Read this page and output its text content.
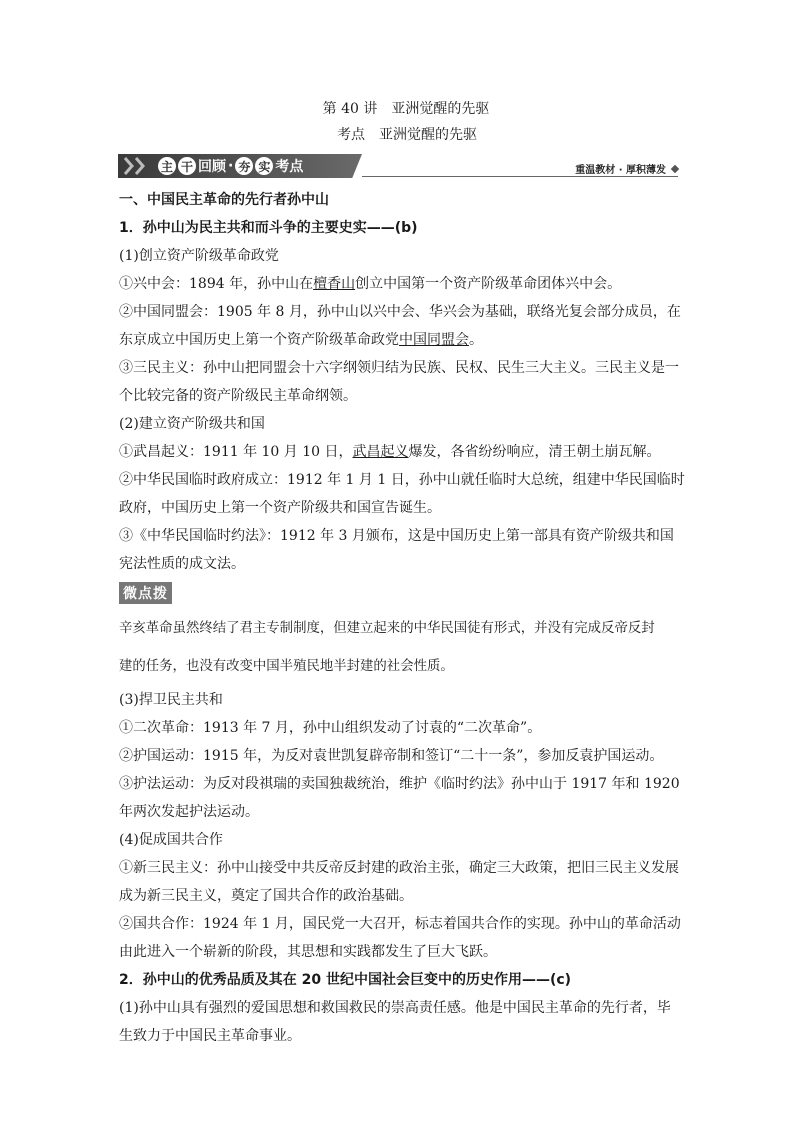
第 40 讲　亚洲觉醒的先驱

考点　亚洲觉醒的先驱

主 干 回顾 · 夯 实 考点	重温教材 · 厚积薄发

一、中国民主革命的先行者孙中山

1．孙中山为民主共和而斗争的主要史实——(b)

(1)创立资产阶级革命政党

①兴中会：1894 年，孙中山在檀香山创立中国第一个资产阶级革命团体兴中会。

②中国同盟会：1905 年 8 月，孙中山以兴中会、华兴会为基础，联络光复会部分成员，在

东京成立中国历史上第一个资产阶级革命政党中国同盟会。

③三民主义：孙中山把同盟会十六字纲领归结为民族、民权、民生三大主义。三民主义是一

个比较完备的资产阶级民主革命纲领。

(2)建立资产阶级共和国

①武昌起义：1911 年 10 月 10 日，武昌起义爆发，各省纷纷响应，清王朝土崩瓦解。

②中华民国临时政府成立：1912 年 1 月 1 日，孙中山就任临时大总统，组建中华民国临时

政府，中国历史上第一个资产阶级共和国宣告诞生。

③《中华民国临时约法》：1912 年 3 月颁布，这是中国历史上第一部具有资产阶级共和国

宪法性质的成文法。

微点拨

辛亥革命虽然终结了君主专制制度，但建立起来的中华民国徒有形式，并没有完成反帝反封

建的任务，也没有改变中国半殖民地半封建的社会性质。

(3)捍卫民主共和

①二次革命：1913 年 7 月，孙中山组织发动了讨袁的“二次革命”。

②护国运动：1915 年，为反对袁世凯复辟帝制和签订“二十一条”，参加反袁护国运动。

③护法运动：为反对段祺瑞的卖国独裁统治，维护《临时约法》孙中山于 1917 年和 1920

年两次发起护法运动。

(4)促成国共合作

①新三民主义：孙中山接受中共反帝反封建的政治主张，确定三大政策，把旧三民主义发展

成为新三民主义，奠定了国共合作的政治基础。

②国共合作：1924 年 1 月，国民党一大召开，标志着国共合作的实现。孙中山的革命活动

由此进入一个崭新的阶段，其思想和实践都发生了巨大飞跃。

2．孙中山的优秀品质及其在 20 世纪中国社会巨变中的历史作用——(c)

(1)孙中山具有强烈的爱国思想和救国救民的崇高责任感。他是中国民主革命的先行者，毕

生致力于中国民主革命事业。
